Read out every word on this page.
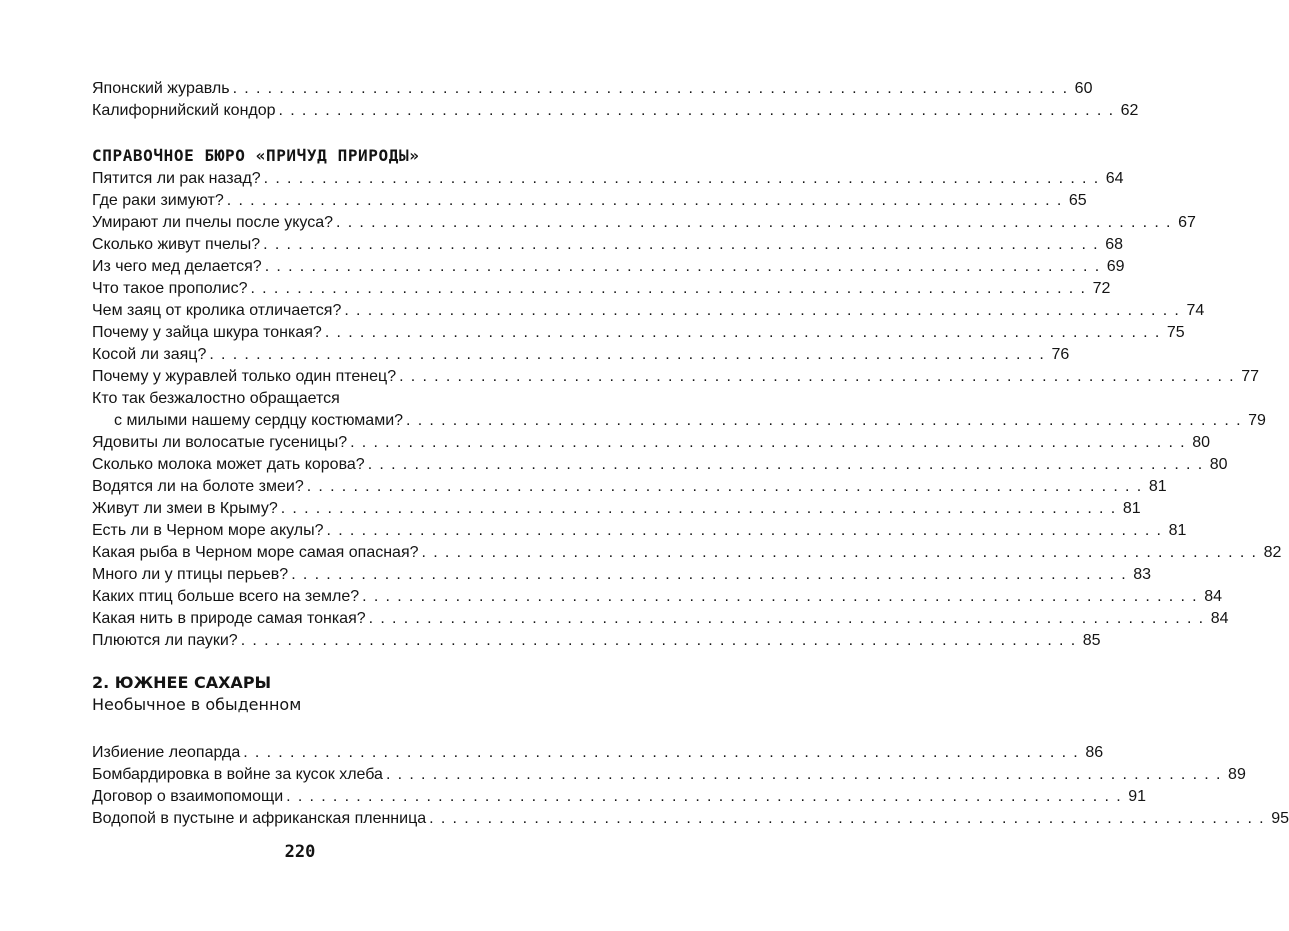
Японский журавль . . .	60
Калифорнийский кондор . . .	62
СПРАВОЧНОЕ БЮРО «ПРИЧУД ПРИРОДЫ»
Пятится ли рак назад? . . .	64
Где раки зимуют? . . .	65
Умирают ли пчелы после укуса? . . .	67
Сколько живут пчелы? . . .	68
Из чего мед делается? . . .	69
Что такое прополис? . . .	72
Чем заяц от кролика отличается? . . .	74
Почему у зайца шкура тонкая? . . .	75
Косой ли заяц? . . .	76
Почему у журавлей только один птенец? . . .	77
Кто так безжалостно обращается
с милыми нашему сердцу костюмами? . . .	79
Ядовиты ли волосатые гусеницы? . . .	80
Сколько молока может дать корова? . . .	80
Водятся ли на болоте змеи? . . .	81
Живут ли змеи в Крыму? . . .	81
Есть ли в Черном море акулы? . . .	81
Какая рыба в Черном море самая опасная? . . .	82
Много ли у птицы перьев? . . .	83
Каких птиц больше всего на земле? . . .	84
Какая нить в природе самая тонкая? . . .	84
Плюются ли пауки? . . .	85
2. ЮЖНЕЕ САХАРЫ
Необычное в обыденном
Избиение леопарда . . .	86
Бомбардировка в войне за кусок хлеба . . .	89
Договор о взаимопомощи . . .	91
Водопой в пустыне и африканская пленница . . .	95
220
